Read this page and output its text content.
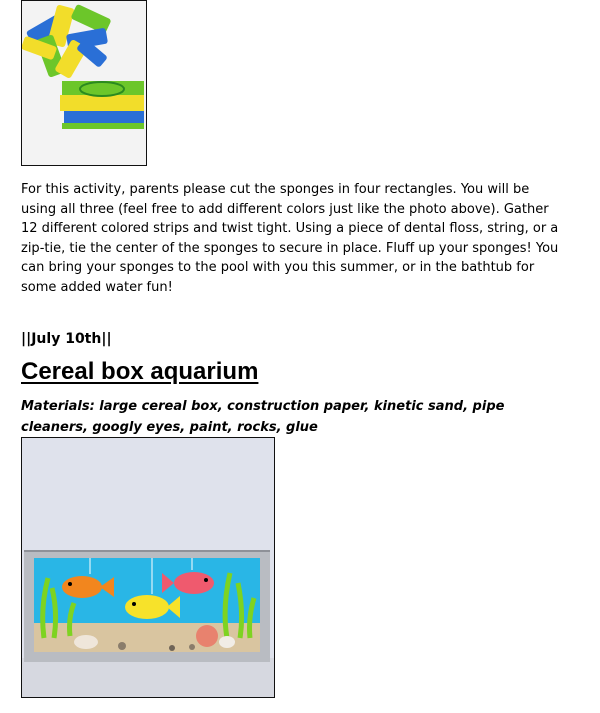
For this activity, parents please cut the sponges in four rectangles. You will be using all three (feel free to add different colors just like the photo above). Gather 12 different colored strips and twist tight. Using a piece of dental floss, string, or a zip-tie, tie the center of the sponges to secure in place. Fluff up your sponges! You can bring your sponges to the pool with you this summer, or in the bathtub for some added water fun!
||July 10th||
Cereal box aquarium
Materials: large cereal box, construction paper, kinetic sand, pipe cleaners, googly eyes, paint, rocks, glue
